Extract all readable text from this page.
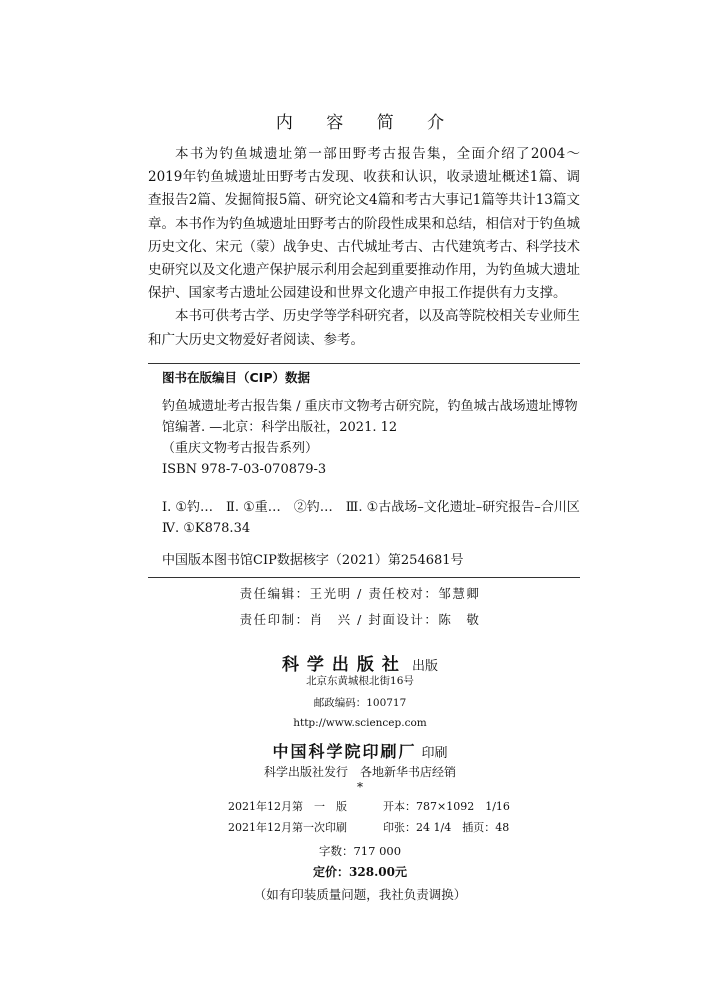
内 容 简 介

本书为钓鱼城遗址第一部田野考古报告集，全面介绍了2004～2019年钓鱼城遗址田野考古发现、收获和认识，收录遗址概述1篇、调查报告2篇、发掘简报5篇、研究论文4篇和考古大事记1篇等共计13篇文章。本书作为钓鱼城遗址田野考古的阶段性成果和总结，相信对于钓鱼城历史文化、宋元（蒙）战争史、古代城址考古、古代建筑考古、科学技术史研究以及文化遗产保护展示利用会起到重要推动作用，为钓鱼城大遗址保护、国家考古遗址公园建设和世界文化遗产申报工作提供有力支撑。

本书可供考古学、历史学等学科研究者，以及高等院校相关专业师生和广大历史文物爱好者阅读、参考。

图书在版编目（CIP）数据
钓鱼城遗址考古报告集 / 重庆市文物考古研究院，钓鱼城古战场遗址博物馆编著. —北京：科学出版社，2021. 12
（重庆文物考古报告系列）
ISBN 978-7-03-070879-3
Ⅰ. ①钓…　Ⅱ. ①重…　②钓…　Ⅲ. ①古战场–文化遗址–研究报告–合川区　Ⅳ. ①K878.34
中国版本图书馆CIP数据核字（2021）第254681号
责任编辑：王光明 / 责任校对：邹慧卿
责任印制：肖　兴 / 封面设计：陈　敬
科学出版社 出版
北京东黄城根北街16号
邮政编码：100717
http://www.sciencep.com
中国科学院印刷厂 印刷
科学出版社发行　各地新华书店经销
*
2021年12月第　一　版	开本：787×1092　1/16
2021年12月第一次印刷	印张：24 1/4　插页：48
字数：717 000
定价：328.00元
（如有印装质量问题，我社负责调换）
